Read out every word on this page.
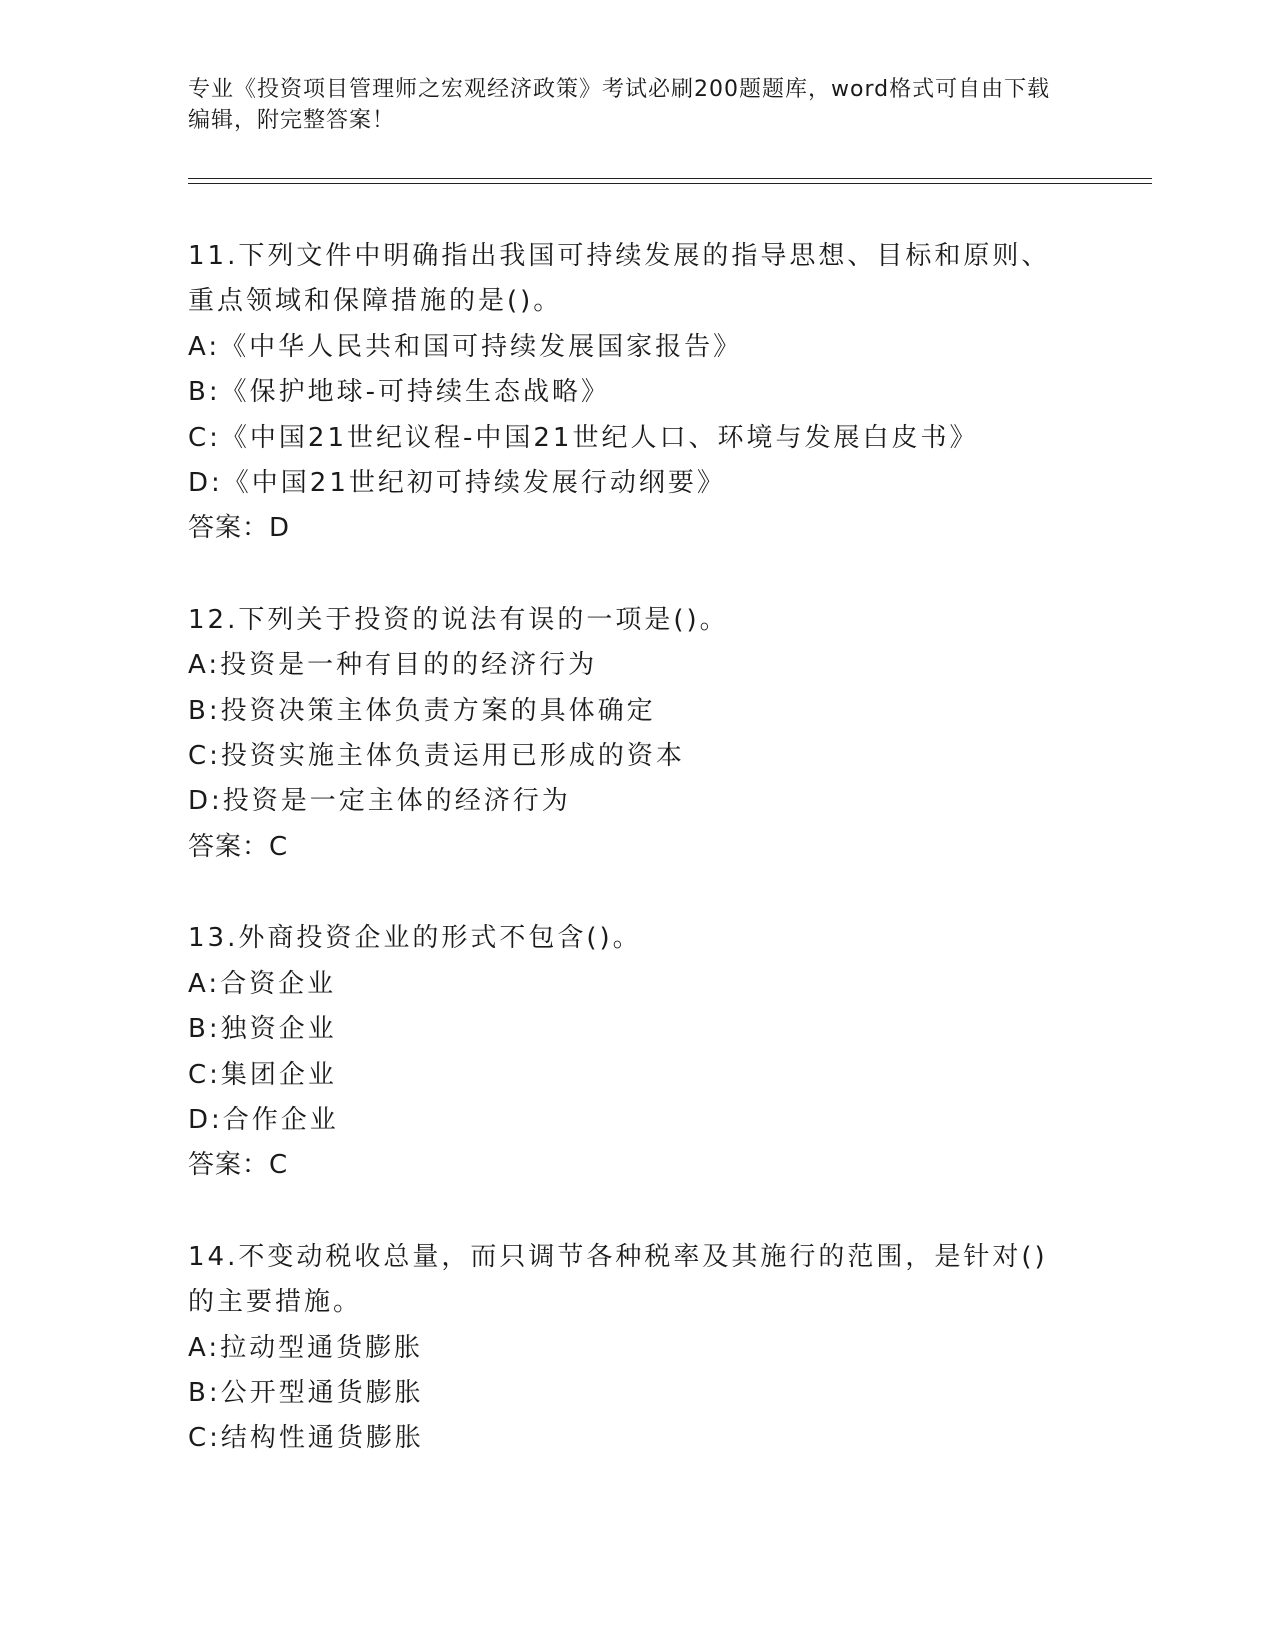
专业《投资项目管理师之宏观经济政策》考试必刷200题题库，word格式可自由下载编辑，附完整答案！
11.下列文件中明确指出我国可持续发展的指导思想、目标和原则、重点领域和保障措施的是()。
A:《中华人民共和国可持续发展国家报告》
B:《保护地球-可持续生态战略》
C:《中国21世纪议程-中国21世纪人口、环境与发展白皮书》
D:《中国21世纪初可持续发展行动纲要》
答案：D
12.下列关于投资的说法有误的一项是()。
A:投资是一种有目的的经济行为
B:投资决策主体负责方案的具体确定
C:投资实施主体负责运用已形成的资本
D:投资是一定主体的经济行为
答案：C
13.外商投资企业的形式不包含()。
A:合资企业
B:独资企业
C:集团企业
D:合作企业
答案：C
14.不变动税收总量，而只调节各种税率及其施行的范围，是针对()的主要措施。
A:拉动型通货膨胀
B:公开型通货膨胀
C:结构性通货膨胀
